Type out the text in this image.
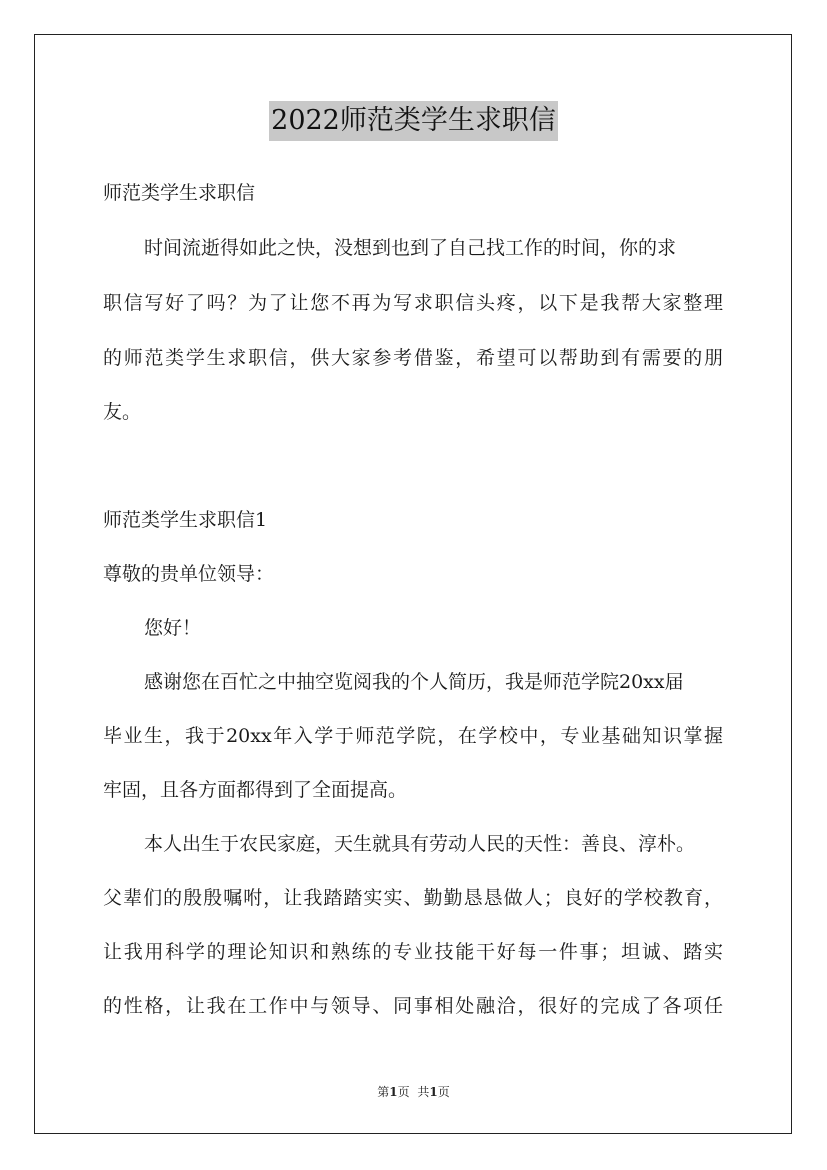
2022师范类学生求职信
师范类学生求职信
时间流逝得如此之快，没想到也到了自己找工作的时间，你的求
职信写好了吗？为了让您不再为写求职信头疼，以下是我帮大家整理
的师范类学生求职信，供大家参考借鉴，希望可以帮助到有需要的朋
友。
师范类学生求职信1
尊敬的贵单位领导：
您好！
感谢您在百忙之中抽空览阅我的个人简历，我是师范学院20xx届
毕业生，我于20xx年入学于师范学院，在学校中，专业基础知识掌握
牢固，且各方面都得到了全面提高。
本人出生于农民家庭，天生就具有劳动人民的天性：善良、淳朴。
父辈们的殷殷嘱咐，让我踏踏实实、勤勤恳恳做人；良好的学校教育，
让我用科学的理论知识和熟练的专业技能干好每一件事；坦诚、踏实
的性格，让我在工作中与领导、同事相处融洽，很好的完成了各项任
第1页 共1页
